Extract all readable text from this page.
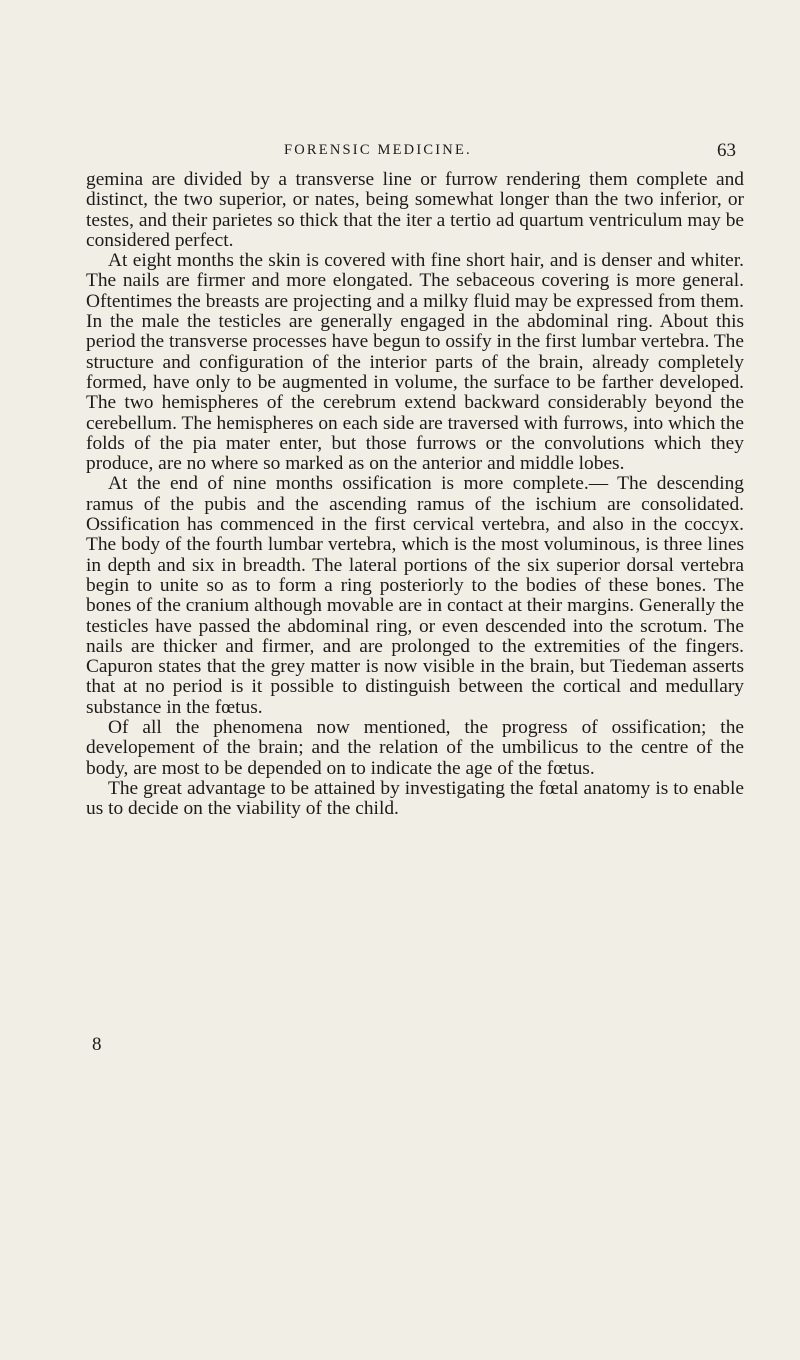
FORENSIC MEDICINE.	63

gemina are divided by a transverse line or furrow rendering them complete and distinct, the two superior, or nates, being somewhat longer than the two inferior, or testes, and their parietes so thick that the iter a tertio ad quartum ventriculum may be considered perfect.

At eight months the skin is covered with fine short hair, and is denser and whiter. The nails are firmer and more elongated. The sebaceous covering is more general. Oftentimes the breasts are projecting and a milky fluid may be expressed from them. In the male the testicles are generally engaged in the abdominal ring. About this period the transverse processes have begun to ossify in the first lumbar vertebra. The structure and configuration of the interior parts of the brain, already completely formed, have only to be augmented in volume, the surface to be farther developed. The two hemispheres of the cerebrum extend backward considerably beyond the cerebellum. The hemispheres on each side are traversed with furrows, into which the folds of the pia mater enter, but those furrows or the convolutions which they produce, are no where so marked as on the anterior and middle lobes.

At the end of nine months ossification is more complete.— The descending ramus of the pubis and the ascending ramus of the ischium are consolidated. Ossification has commenced in the first cervical vertebra, and also in the coccyx. The body of the fourth lumbar vertebra, which is the most voluminous, is three lines in depth and six in breadth. The lateral portions of the six superior dorsal vertebra begin to unite so as to form a ring posteriorly to the bodies of these bones. The bones of the cranium although movable are in contact at their margins. Generally the testicles have passed the abdominal ring, or even descended into the scrotum. The nails are thicker and firmer, and are prolonged to the extremities of the fingers. Capuron states that the grey matter is now visible in the brain, but Tiedeman asserts that at no period is it possible to distinguish between the cortical and medullary substance in the fœtus.

Of all the phenomena now mentioned, the progress of ossification; the developement of the brain; and the relation of the umbilicus to the centre of the body, are most to be depended on to indicate the age of the fœtus.

The great advantage to be attained by investigating the fœtal anatomy is to enable us to decide on the viability of the child.

8
